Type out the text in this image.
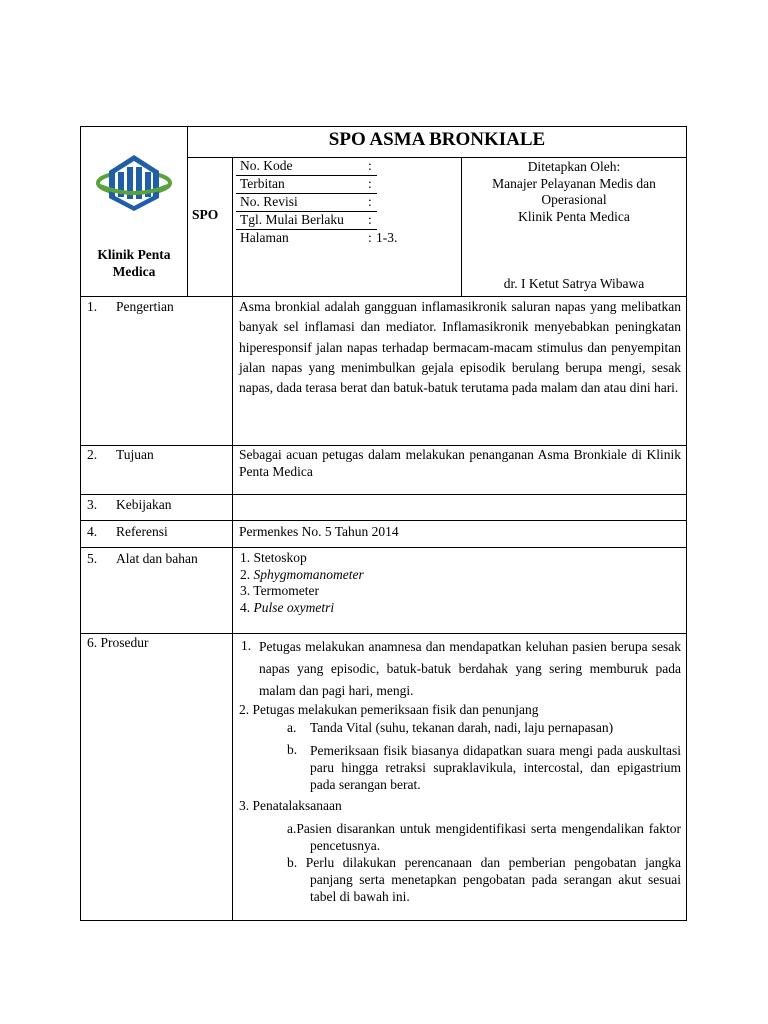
SPO ASMA BRONKIALE
Klinik Penta Medica
SPO
No. Kode	:
Terbitan	:
No. Revisi	:
Tgl. Mulai Berlaku :
Halaman	: 1-3.
Ditetapkan Oleh:
Manajer Pelayanan Medis dan
Operasional
Klinik Penta Medica
dr. I Ketut Satrya Wibawa
1. Pengertian	Asma bronkial adalah gangguan inflamasikronik saluran napas yang melibatkan banyak sel inflamasi dan mediator. Inflamasikronik menyebabkan peningkatan hiperesponsif jalan napas terhadap bermacam-macam stimulus dan penyempitan jalan napas yang menimbulkan gejala episodik berulang berupa mengi, sesak napas, dada terasa berat dan batuk-batuk terutama pada malam dan atau dini hari.
2. Tujuan	Sebagai acuan petugas dalam melakukan penanganan Asma Bronkiale di Klinik Penta Medica
3. Kebijakan
4. Referensi	Permenkes No. 5 Tahun 2014
5. Alat dan bahan	1. Stetoskop
2. Sphygmomanometer
3. Termometer
4. Pulse oxymetri
6. Prosedur	1. Petugas melakukan anamnesa dan mendapatkan keluhan pasien berupa sesak napas yang episodic, batuk-batuk berdahak yang sering memburuk pada malam dan pagi hari, mengi.
2. Petugas melakukan pemeriksaan fisik dan penunjang
a. Tanda Vital (suhu, tekanan darah, nadi, laju pernapasan)
b. Pemeriksaan fisik biasanya didapatkan suara mengi pada auskultasi paru hingga retraksi supraklavikula, intercostal, dan epigastrium pada serangan berat.
3. Penatalaksanaan
a.Pasien disarankan untuk mengidentifikasi serta mengendalikan faktor pencetusnya.
b. Perlu dilakukan perencanaan dan pemberian pengobatan jangka panjang serta menetapkan pengobatan pada serangan akut sesuai tabel di bawah ini.
